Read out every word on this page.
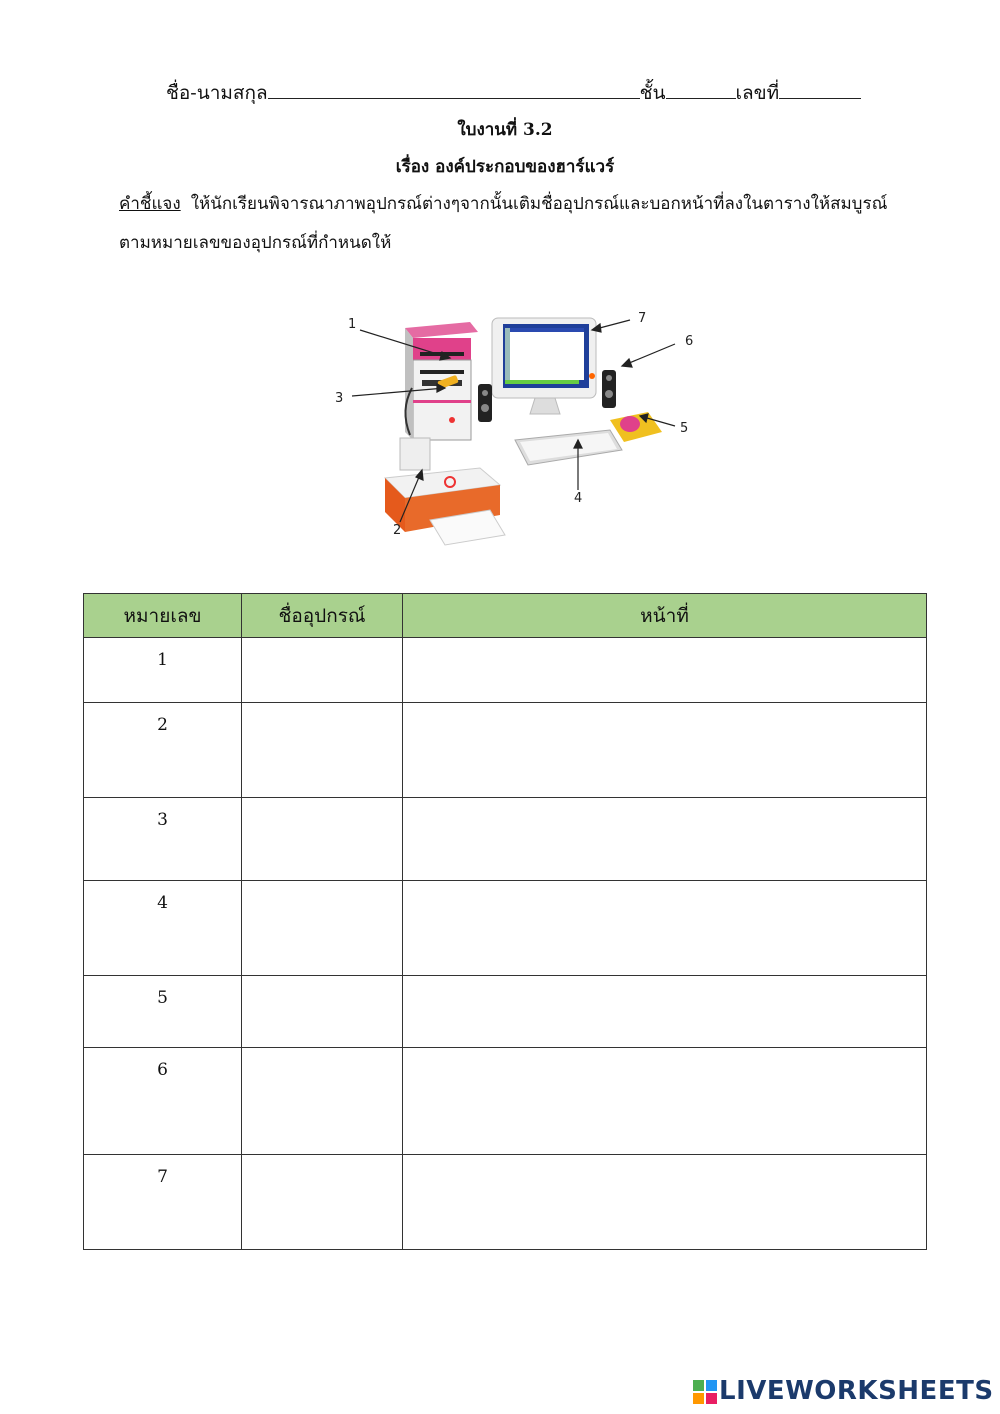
ชื่อ-นามสกุล	ชั้น	เลขที่
ใบงานที่ 3.2
เรื่อง องค์ประกอบของฮาร์แวร์
คำชี้แจง ให้นักเรียนพิจารณาภาพอุปกรณ์ต่างๆจากนั้นเติมชื่ออุปกรณ์และบอกหน้าที่ลงในตารางให้สมบูรณ์
ตามหมายเลขของอุปกรณ์ที่กำหนดให้
1
2
3
4
5
6
7
หมายเลข	ชื่ออุปกรณ์	หน้าที่
1		
2		
3		
4		
5		
6		
7		
LIVEWORKSHEETS
